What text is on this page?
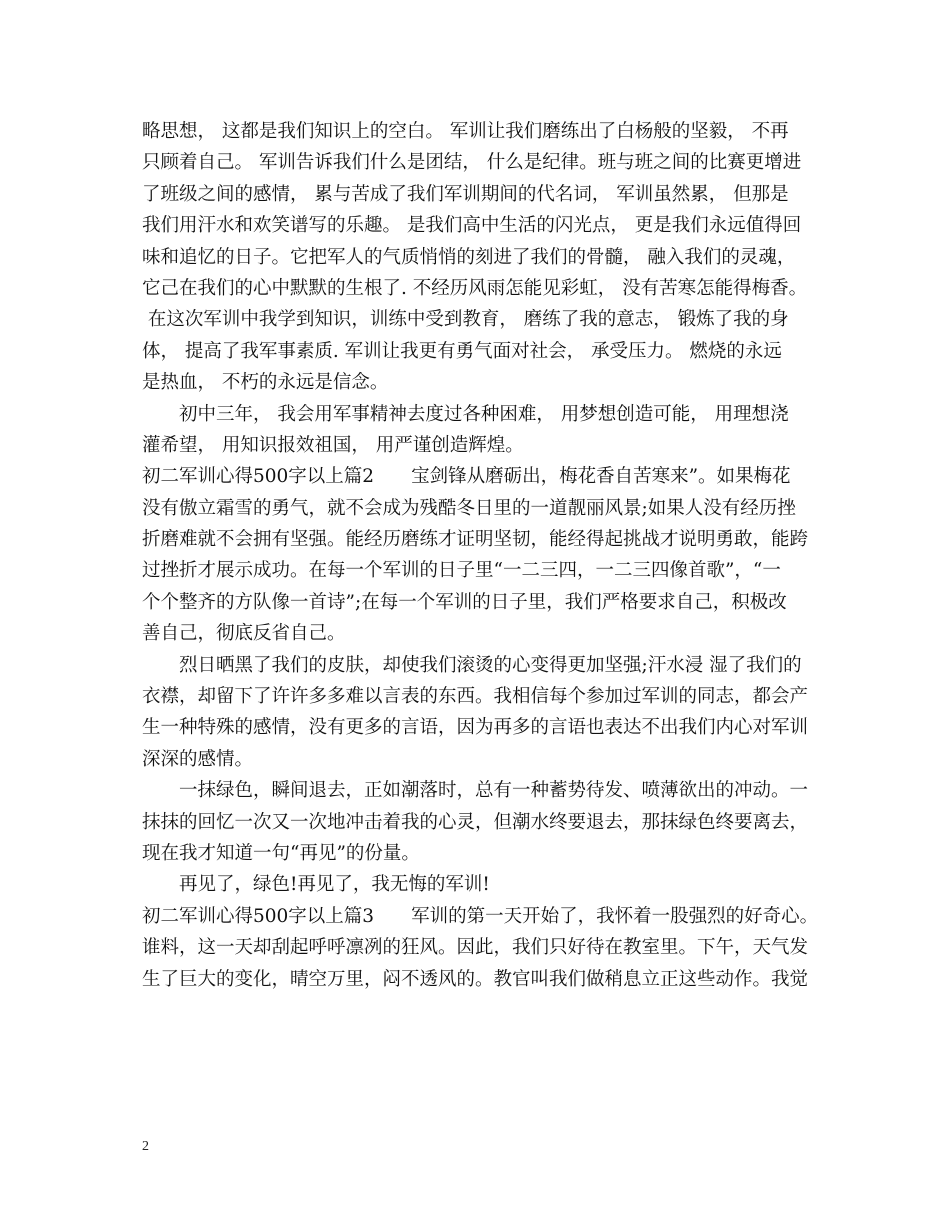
略思想， 这都是我们知识上的空白。 军训让我们磨练出了白杨般的坚毅， 不再
只顾着自己。 军训告诉我们什么是团结， 什么是纪律。班与班之间的比赛更增进
了班级之间的感情， 累与苦成了我们军训期间的代名词， 军训虽然累， 但那是
我们用汗水和欢笑谱写的乐趣。 是我们高中生活的闪光点， 更是我们永远值得回
味和追忆的日子。它把军人的气质悄悄的刻进了我们的骨髓， 融入我们的灵魂，
它己在我们的心中默默的生根了. 不经历风雨怎能见彩虹， 没有苦寒怎能得梅香。
在这次军训中我学到知识，训练中受到教育， 磨练了我的意志， 锻炼了我的身
体， 提高了我军事素质. 军训让我更有勇气面对社会， 承受压力。 燃烧的永远
是热血， 不朽的永远是信念。
　　初中三年， 我会用军事精神去度过各种困难， 用梦想创造可能， 用理想浇
灌希望， 用知识报效祖国， 用严谨创造辉煌。
初二军训心得500字以上篇2　　宝剑锋从磨砺出，梅花香自苦寒来”。如果梅花
没有傲立霜雪的勇气，就不会成为残酷冬日里的一道靓丽风景;如果人没有经历挫
折磨难就不会拥有坚强。能经历磨练才证明坚韧，能经得起挑战才说明勇敢，能跨
过挫折才展示成功。在每一个军训的日子里“一二三四，一二三四像首歌”，“一
个个整齐的方队像一首诗”;在每一个军训的日子里，我们严格要求自己，积极改
善自己，彻底反省自己。
　　烈日晒黑了我们的皮肤，却使我们滚烫的心变得更加坚强;汗水浸 湿了我们的
衣襟，却留下了许许多多难以言表的东西。我相信每个参加过军训的同志，都会产
生一种特殊的感情，没有更多的言语，因为再多的言语也表达不出我们内心对军训
深深的感情。
　　一抹绿色，瞬间退去，正如潮落时，总有一种蓄势待发、喷薄欲出的冲动。一
抹抹的回忆一次又一次地冲击着我的心灵，但潮水终要退去，那抹绿色终要离去，
现在我才知道一句“再见”的份量。
　　再见了，绿色!再见了，我无悔的军训!
初二军训心得500字以上篇3　　军训的第一天开始了，我怀着一股强烈的好奇心。
谁料，这一天却刮起呼呼凛冽的狂风。因此，我们只好待在教室里。下午，天气发
生了巨大的变化，晴空万里，闷不透风的。教官叫我们做稍息立正这些动作。我觉
2
